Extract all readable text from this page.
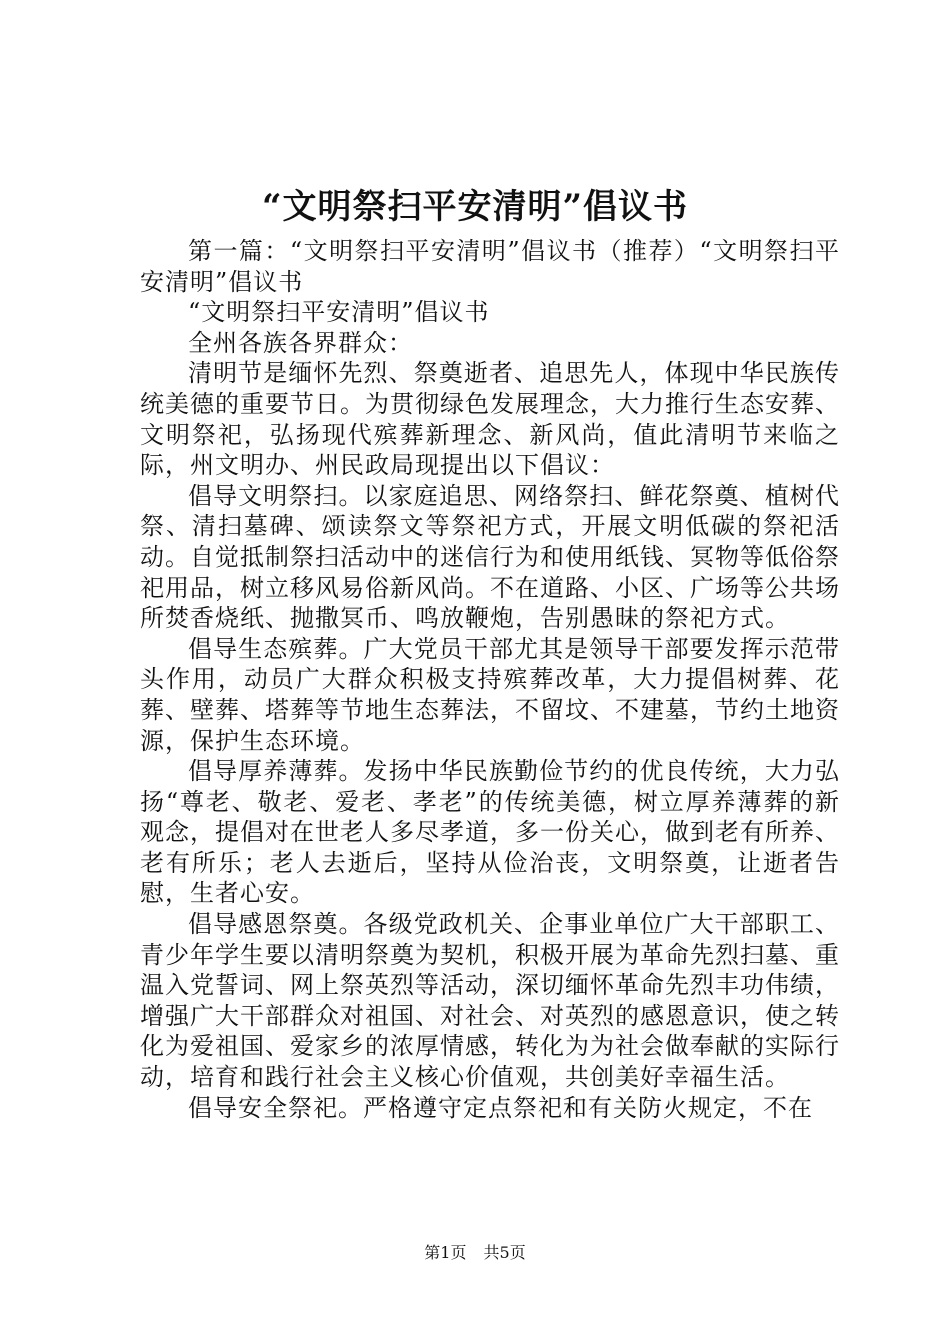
“文明祭扫平安清明”倡议书

第一篇：“文明祭扫平安清明”倡议书（推荐）“文明祭扫平安清明”倡议书

“文明祭扫平安清明”倡议书

全州各族各界群众：

清明节是缅怀先烈、祭奠逝者、追思先人，体现中华民族传统美德的重要节日。为贯彻绿色发展理念，大力推行生态安葬、文明祭祀，弘扬现代殡葬新理念、新风尚，值此清明节来临之际，州文明办、州民政局现提出以下倡议：

倡导文明祭扫。以家庭追思、网络祭扫、鲜花祭奠、植树代祭、清扫墓碑、颂读祭文等祭祀方式，开展文明低碳的祭祀活动。自觉抵制祭扫活动中的迷信行为和使用纸钱、冥物等低俗祭祀用品，树立移风易俗新风尚。不在道路、小区、广场等公共场所焚香烧纸、抛撒冥币、鸣放鞭炮，告别愚昧的祭祀方式。

倡导生态殡葬。广大党员干部尤其是领导干部要发挥示范带头作用，动员广大群众积极支持殡葬改革，大力提倡树葬、花葬、壁葬、塔葬等节地生态葬法，不留坟、不建墓，节约土地资源，保护生态环境。

倡导厚养薄葬。发扬中华民族勤俭节约的优良传统，大力弘扬“尊老、敬老、爱老、孝老”的传统美德，树立厚养薄葬的新观念，提倡对在世老人多尽孝道，多一份关心，做到老有所养、老有所乐；老人去逝后，坚持从俭治丧，文明祭奠，让逝者告慰，生者心安。

倡导感恩祭奠。各级党政机关、企事业单位广大干部职工、青少年学生要以清明祭奠为契机，积极开展为革命先烈扫墓、重温入党誓词、网上祭英烈等活动，深切缅怀革命先烈丰功伟绩，增强广大干部群众对祖国、对社会、对英烈的感恩意识，使之转化为爱祖国、爱家乡的浓厚情感，转化为为社会做奉献的实际行动，培育和践行社会主义核心价值观，共创美好幸福生活。

倡导安全祭祀。严格遵守定点祭祀和有关防火规定，不在

第1页 共5页
